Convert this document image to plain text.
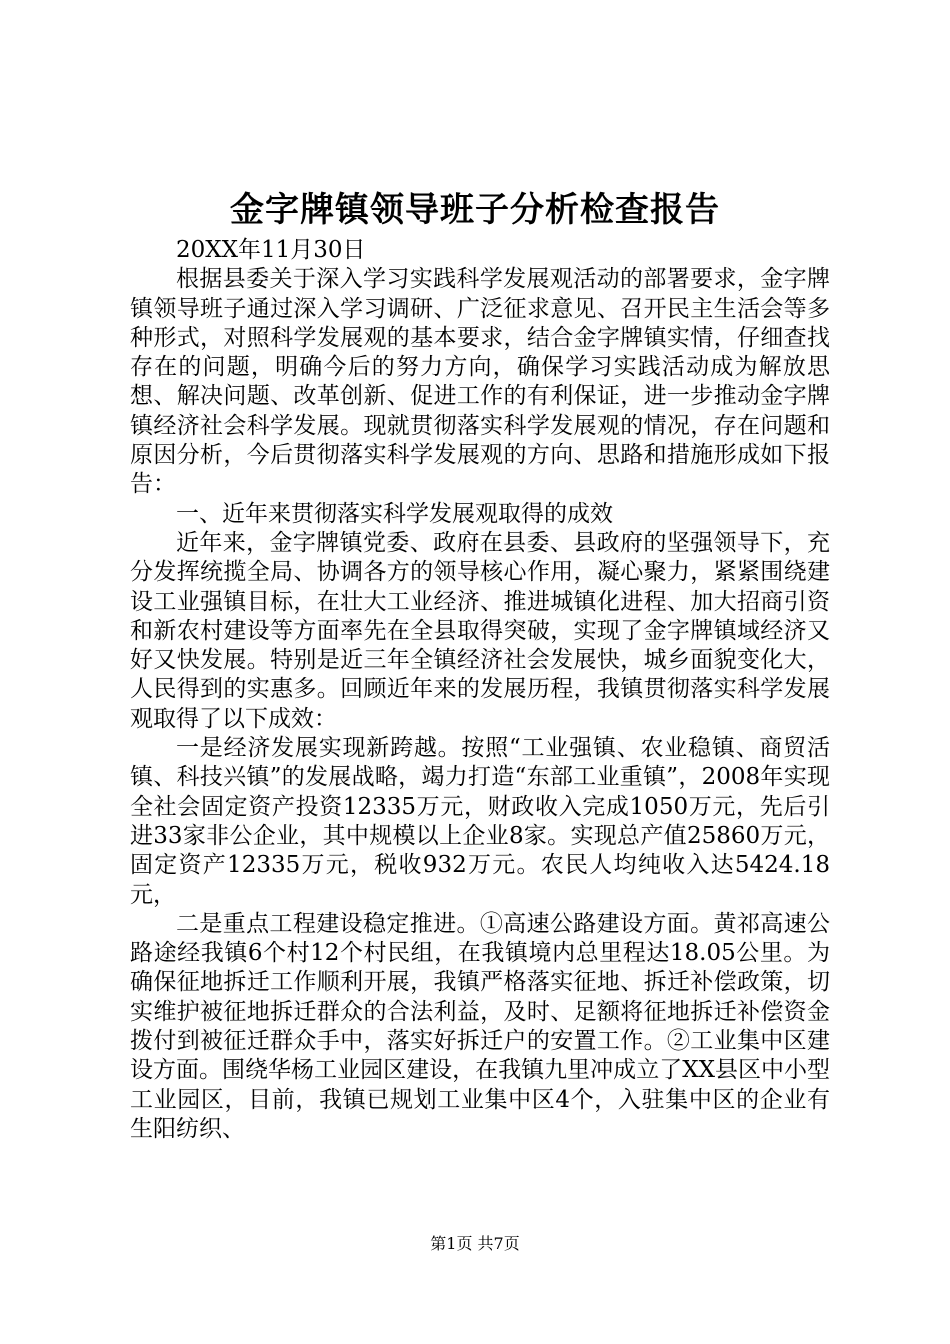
金字牌镇领导班子分析检查报告

20XX年11月30日

根据县委关于深入学习实践科学发展观活动的部署要求，金字牌镇领导班子通过深入学习调研、广泛征求意见、召开民主生活会等多种形式，对照科学发展观的基本要求，结合金字牌镇实情，仔细查找存在的问题，明确今后的努力方向，确保学习实践活动成为解放思想、解决问题、改革创新、促进工作的有利保证，进一步推动金字牌镇经济社会科学发展。现就贯彻落实科学发展观的情况，存在问题和原因分析，今后贯彻落实科学发展观的方向、思路和措施形成如下报告：

一、近年来贯彻落实科学发展观取得的成效

近年来，金字牌镇党委、政府在县委、县政府的坚强领导下，充分发挥统揽全局、协调各方的领导核心作用，凝心聚力，紧紧围绕建设工业强镇目标，在壮大工业经济、推进城镇化进程、加大招商引资和新农村建设等方面率先在全县取得突破，实现了金字牌镇域经济又好又快发展。特别是近三年全镇经济社会发展快，城乡面貌变化大，人民得到的实惠多。回顾近年来的发展历程，我镇贯彻落实科学发展观取得了以下成效：

一是经济发展实现新跨越。按照“工业强镇、农业稳镇、商贸活镇、科技兴镇”的发展战略，竭力打造“东部工业重镇”，2008年实现全社会固定资产投资12335万元，财政收入完成1050万元，先后引进33家非公企业，其中规模以上企业8家。实现总产值25860万元，固定资产12335万元，税收932万元。农民人均纯收入达5424.18元，

二是重点工程建设稳定推进。①高速公路建设方面。黄祁高速公路途经我镇6个村12个村民组，在我镇境内总里程达18.05公里。为确保征地拆迁工作顺利开展，我镇严格落实征地、拆迁补偿政策，切实维护被征地拆迁群众的合法利益，及时、足额将征地拆迁补偿资金拨付到被征迁群众手中，落实好拆迁户的安置工作。②工业集中区建设方面。围绕华杨工业园区建设，在我镇九里冲成立了XX县区中小型工业园区，目前，我镇已规划工业集中区4个，入驻集中区的企业有生阳纺织、

第1页 共7页
